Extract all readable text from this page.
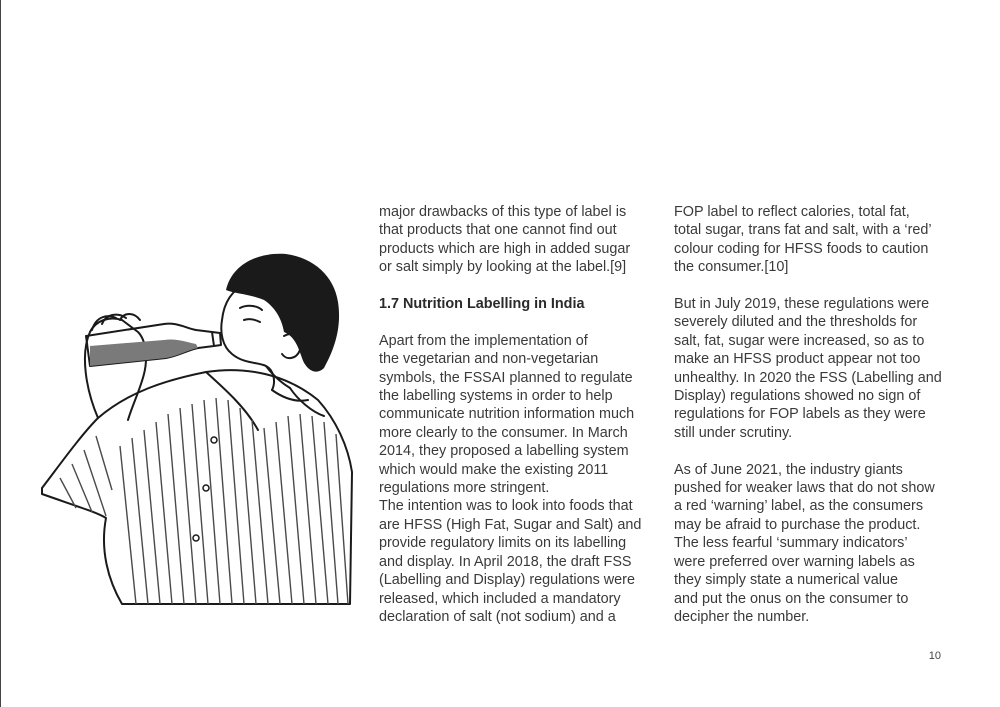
major drawbacks of this type of label is
that products that one cannot find out
products which are high in added sugar
or salt simply by looking at the label.[9]

1.7 Nutrition Labelling in India

Apart from the implementation of
the vegetarian and non-vegetarian
symbols, the FSSAI planned to regulate
the labelling systems in order to help
communicate nutrition information much
more clearly to the consumer. In March
2014, they proposed a labelling system
which would make the existing 2011
regulations more stringent.

The intention was to look into foods that
are HFSS (High Fat, Sugar and Salt) and
provide regulatory limits on its labelling
and display. In April 2018, the draft FSS
(Labelling and Display) regulations were
released, which included a mandatory
declaration of salt (not sodium) and a

FOP label to reflect calories, total fat,
total sugar, trans fat and salt, with a ‘red’
colour coding for HFSS foods to caution
the consumer.[10]

But in July 2019, these regulations were
severely diluted and the thresholds for
salt, fat, sugar were increased, so as to
make an HFSS product appear not too
unhealthy. In 2020 the FSS (Labelling and
Display) regulations showed no sign of
regulations for FOP labels as they were
still under scrutiny.

As of June 2021, the industry giants
pushed for weaker laws that do not show
a red ‘warning’ label, as the consumers
may be afraid to purchase the product.
The less fearful ‘summary indicators’
were preferred over warning labels as
they simply state a numerical value
and put the onus on the consumer to
decipher the number.

10
